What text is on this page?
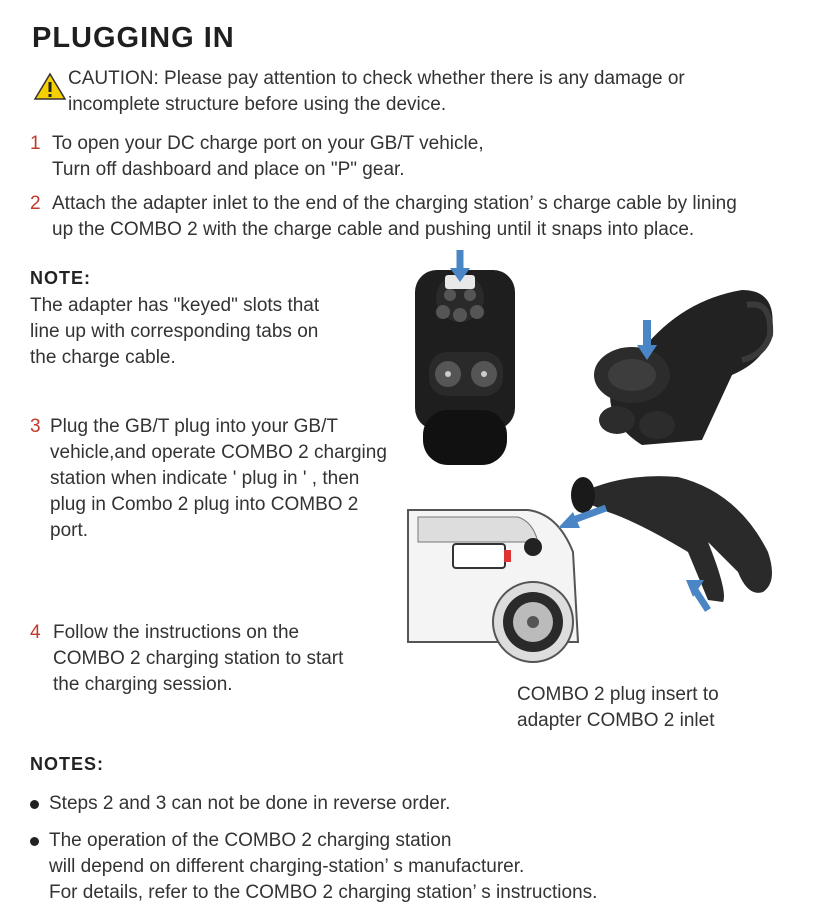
PLUGGING IN
CAUTION: Please pay attention to check whether there is any damage or
incomplete structure before using the device.
1 To open your DC charge port on your GB/T vehicle,
Turn off dashboard and place on "P" gear.
2 Attach the adapter inlet to the end of the charging station’ s charge cable by lining
up the COMBO 2 with the charge cable and pushing until it snaps into place.
NOTE:
The adapter has "keyed" slots that
line up with corresponding tabs on
the charge cable.
3 Plug the GB/T plug into your GB/T
vehicle,and operate COMBO 2 charging
station when indicate ' plug in ' , then
plug in Combo 2 plug into COMBO 2
port.
4 Follow the instructions on the
COMBO 2 charging station to start
the charging session.	COMBO 2 plug insert to
adapter COMBO 2 inlet
NOTES:
Steps 2 and 3 can not be done in reverse order.
The operation of the COMBO 2 charging station
will depend on different charging-station’ s manufacturer.
For details, refer to the COMBO 2 charging station’ s instructions.
